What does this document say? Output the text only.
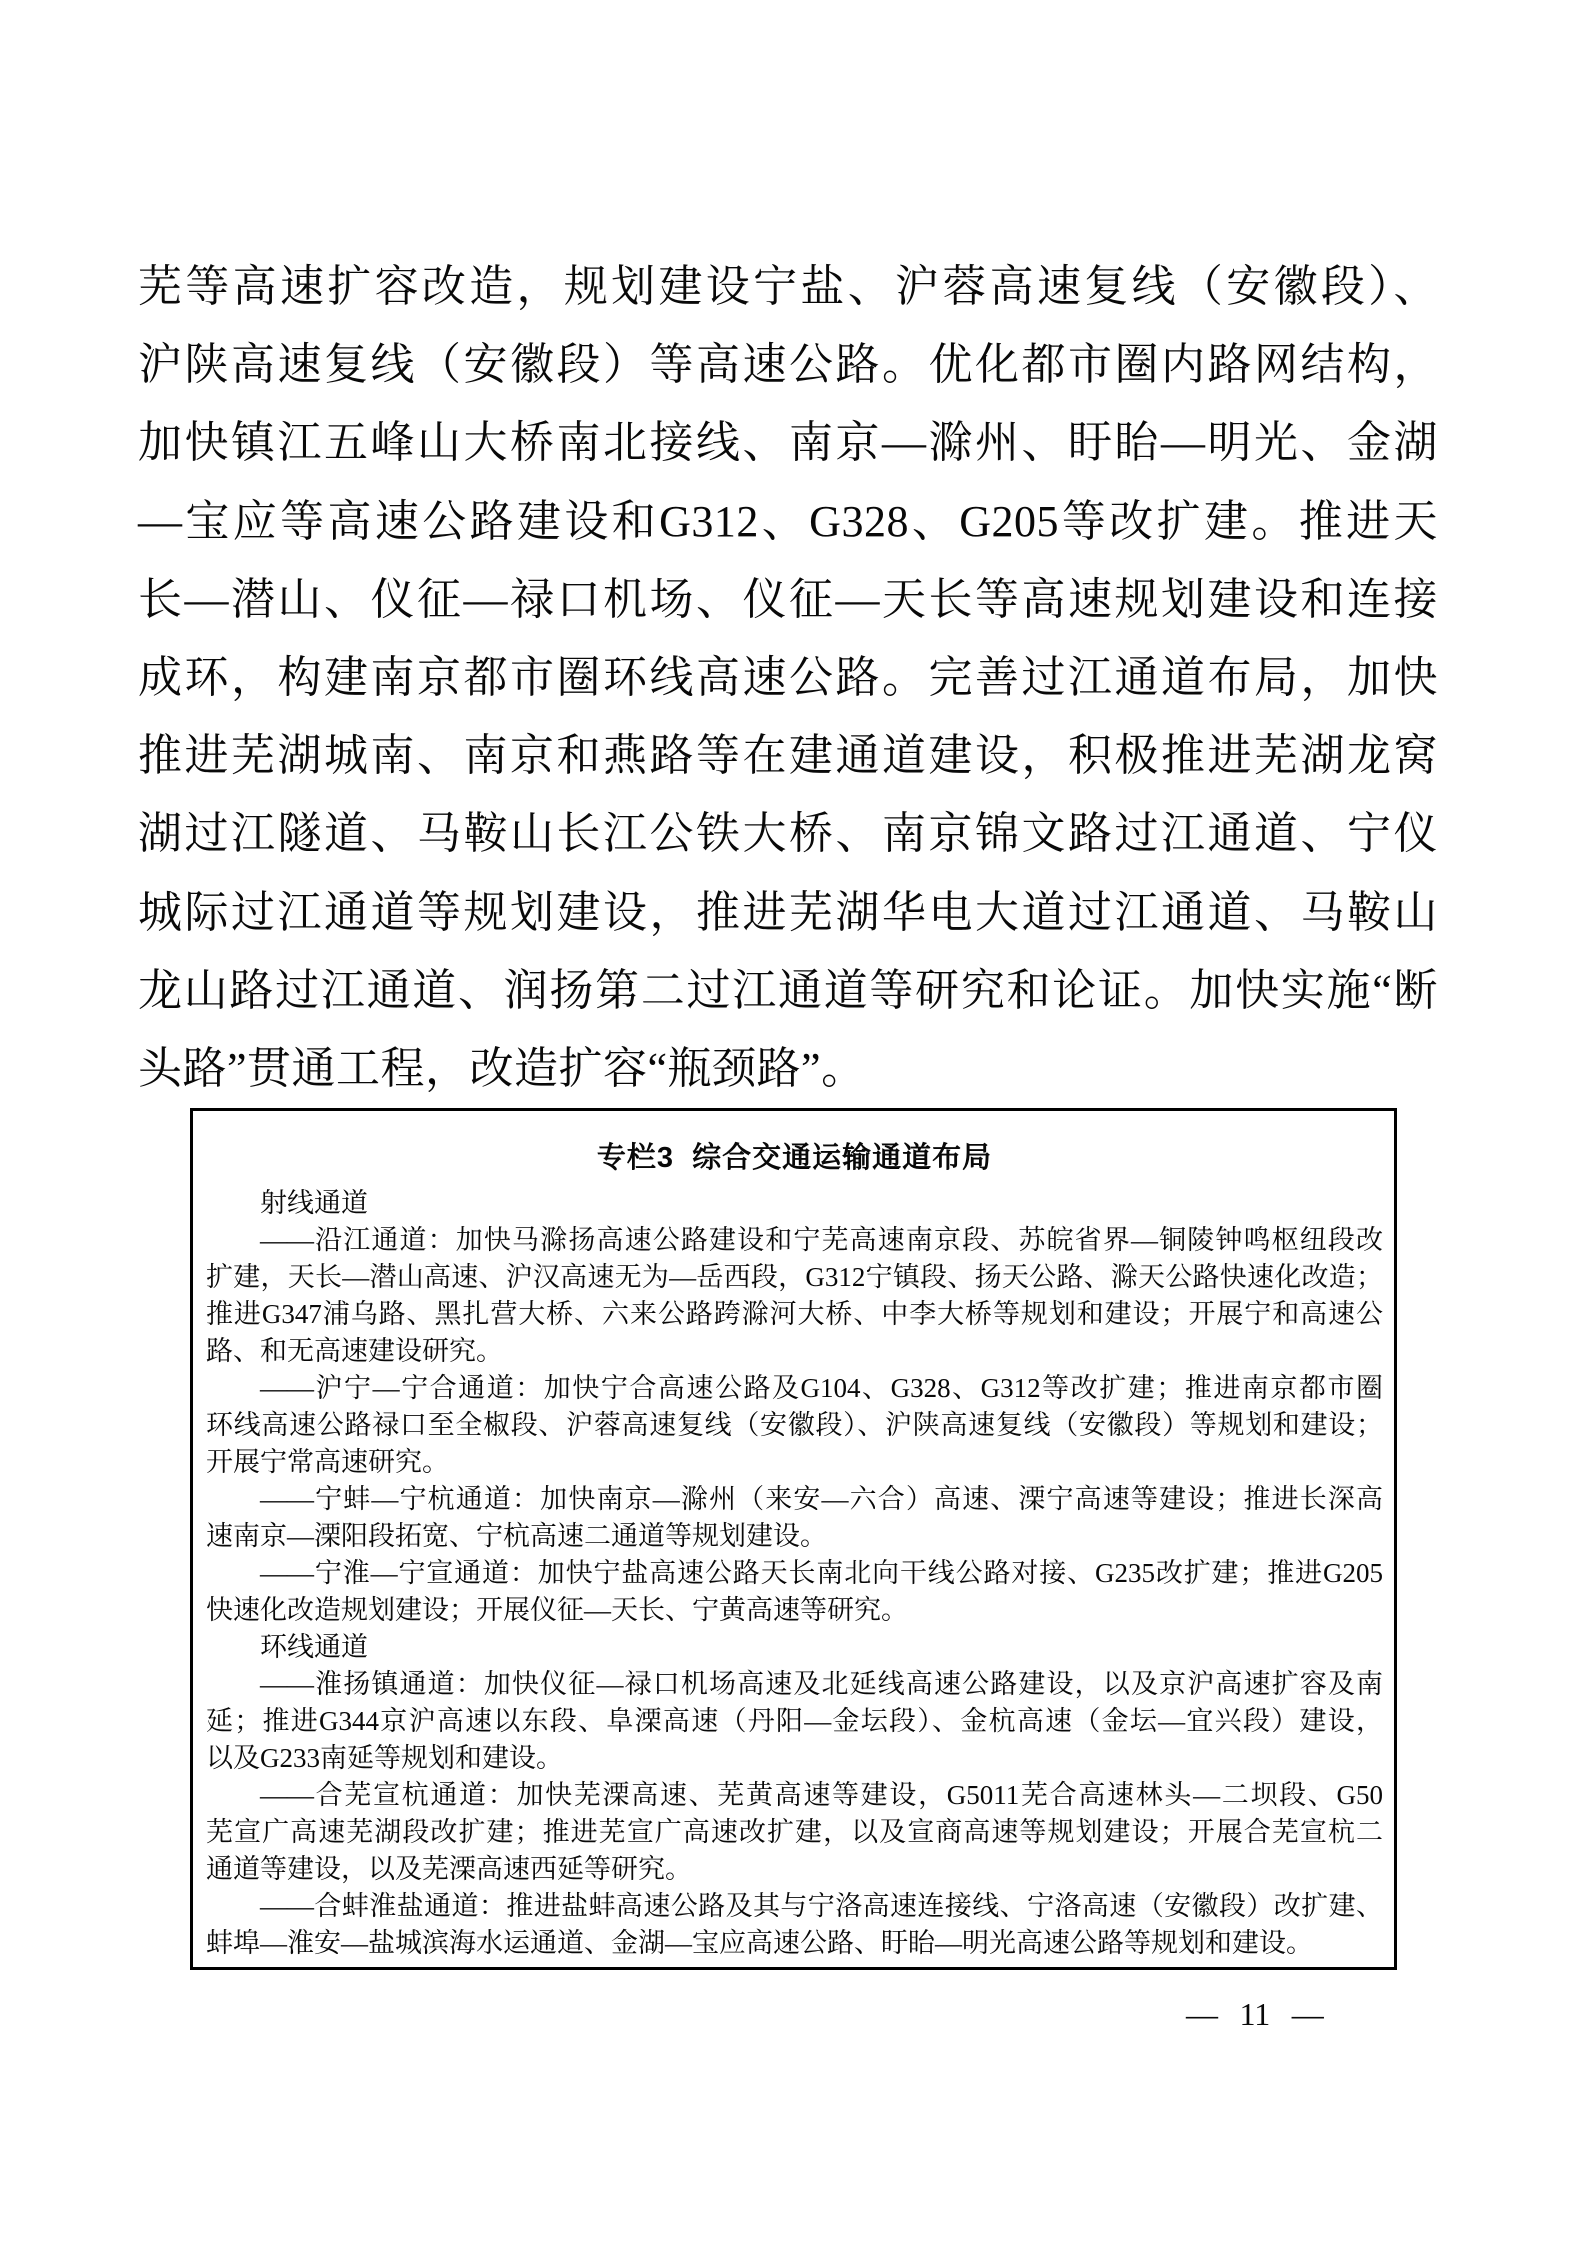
芜等高速扩容改造，规划建设宁盐、沪蓉高速复线（安徽段）、
沪陕高速复线（安徽段）等高速公路。优化都市圈内路网结构，
加快镇江五峰山大桥南北接线、南京—滁州、盱眙—明光、金湖
—宝应等高速公路建设和G312、G328、G205等改扩建。推进天
长—潜山、仪征—禄口机场、仪征—天长等高速规划建设和连接
成环，构建南京都市圈环线高速公路。完善过江通道布局，加快
推进芜湖城南、南京和燕路等在建通道建设，积极推进芜湖龙窝
湖过江隧道、马鞍山长江公铁大桥、南京锦文路过江通道、宁仪
城际过江通道等规划建设，推进芜湖华电大道过江通道、马鞍山
龙山路过江通道、润扬第二过江通道等研究和论证。加快实施“断
头路”贯通工程，改造扩容“瓶颈路”。
专栏3 综合交通运输通道布局
射线通道
——沿江通道：加快马滁扬高速公路建设和宁芜高速南京段、苏皖省界—铜陵钟鸣枢纽段改
扩建，天长—潜山高速、沪汉高速无为—岳西段，G312宁镇段、扬天公路、滁天公路快速化改造；
推进G347浦乌路、黑扎营大桥、六来公路跨滁河大桥、中李大桥等规划和建设；开展宁和高速公
路、和无高速建设研究。
——沪宁—宁合通道：加快宁合高速公路及G104、G328、G312等改扩建；推进南京都市圈
环线高速公路禄口至全椒段、沪蓉高速复线（安徽段）、沪陕高速复线（安徽段）等规划和建设；
开展宁常高速研究。
——宁蚌—宁杭通道：加快南京—滁州（来安—六合）高速、溧宁高速等建设；推进长深高
速南京—溧阳段拓宽、宁杭高速二通道等规划建设。
——宁淮—宁宣通道：加快宁盐高速公路天长南北向干线公路对接、G235改扩建；推进G205
快速化改造规划建设；开展仪征—天长、宁黄高速等研究。
环线通道
——淮扬镇通道：加快仪征—禄口机场高速及北延线高速公路建设，以及京沪高速扩容及南
延；推进G344京沪高速以东段、阜溧高速（丹阳—金坛段）、金杭高速（金坛—宜兴段）建设，
以及G233南延等规划和建设。
——合芜宣杭通道：加快芜溧高速、芜黄高速等建设，G5011芜合高速林头—二坝段、G50
芜宣广高速芜湖段改扩建；推进芜宣广高速改扩建，以及宣商高速等规划建设；开展合芜宣杭二
通道等建设，以及芜溧高速西延等研究。
——合蚌淮盐通道：推进盐蚌高速公路及其与宁洛高速连接线、宁洛高速（安徽段）改扩建、
蚌埠—淮安—盐城滨海水运通道、金湖—宝应高速公路、盱眙—明光高速公路等规划和建设。
— 11 —
